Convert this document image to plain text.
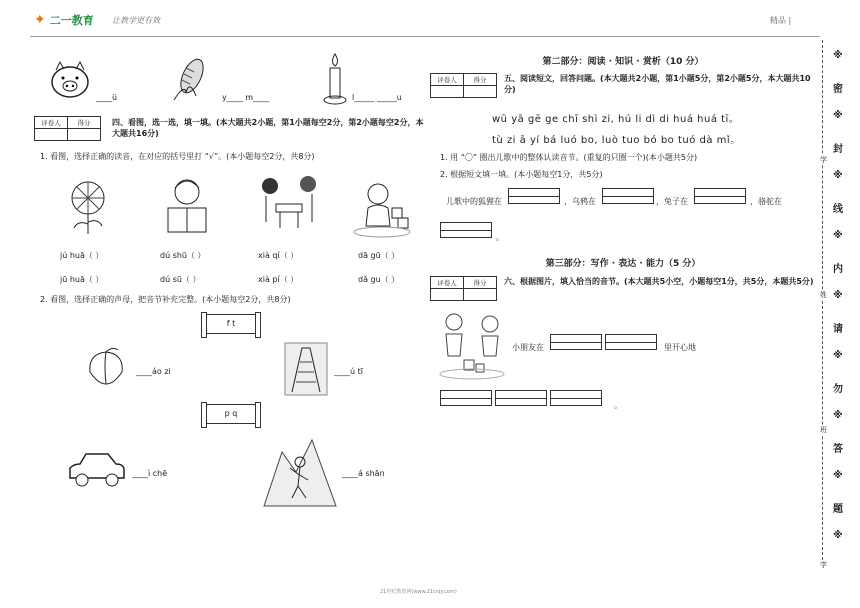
✦ 二一教育 让教学更有效	精品 |
※
密
※
封
※
线
※
内
※
请
※
勿
※
答
※
题
※
学
姓
班
学
____ü	y____ m____	l_____ _____u
评卷人	得分
		四、看图，选一选，填一填。(本大题共2小题，第1小题每空2分，第2小题每空2分，本大题共16分)
1. 看图，选择正确的读音，在对应的括号里打 “√”。(本小题每空2分，共8分)
jú huā（ ）	dú shū（ ）	xià qí（ ）	dā gū（ ）
jū huā（ ）	dú sū（ ）	xià pí（ ）	dǎ gu（ ）
2. 看图，选择正确的声母，把音节补充完整。(本小题每空2分，共8分)
f t
____áo zi	____ú tī
p q
____ì chē	____á shān
第二部分：阅读 · 知识 · 赏析（10 分）
评卷人	得分
	五、阅读短文，回答问题。(本大题共2小题，第1小题5分，第2小题5分，本大题共10分)
wū yā gē ge chī shì zi, hú li dì di huá huá tī。
tù zi ā yí bá luó bo, luò tuo bó bo tuó dà mǐ。
1. 用 “〇” 圈出儿歌中的整体认读音节。(重复的只圈一个)(本小题共5分)
2. 根据短文填一填。(本小题每空1分，共5分)
儿歌中的狐狸在	，乌鸦在	，兔子在	，骆驼在
。
第三部分：写作 · 表达 · 能力（5 分）
评卷人	得分
	六、根据图片，填入恰当的音节。(本大题共5小空，小题每空1分，共5分，本题共5分)
小朋友在	里开心地
。
21世纪教育网(www.21cnjy.com)
